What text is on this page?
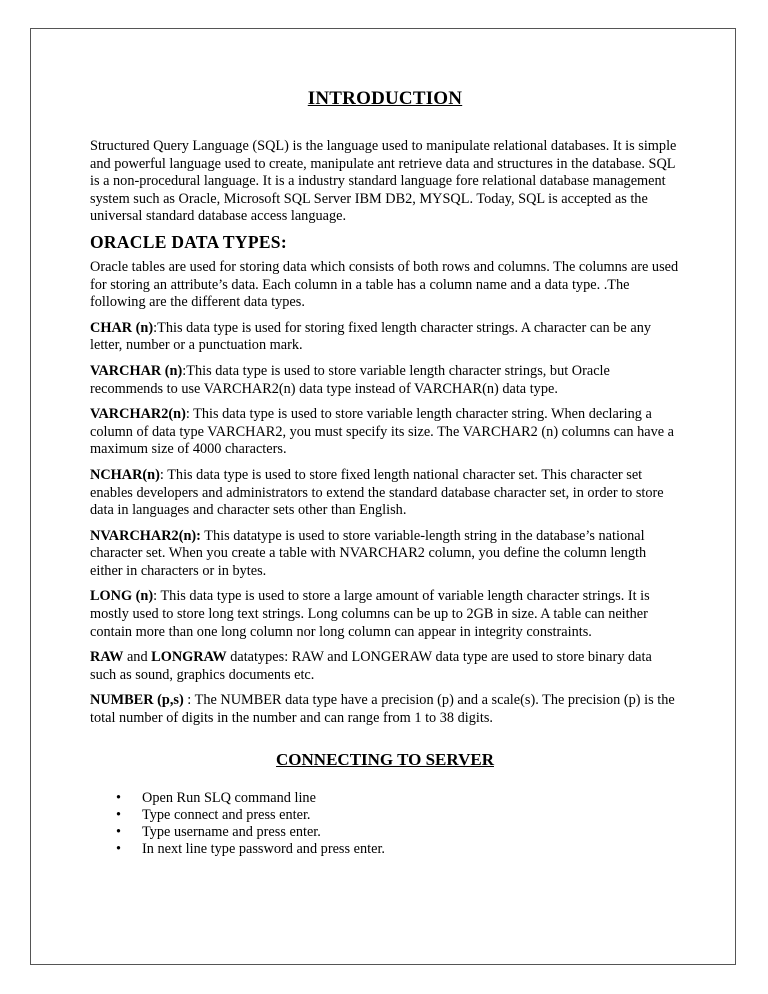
INTRODUCTION

Structured Query Language (SQL) is the language used to manipulate relational databases. It is simple and powerful language used to create, manipulate ant retrieve data and structures in the database. SQL is a non-procedural language. It is a industry standard language fore relational database management system such as Oracle, Microsoft SQL Server IBM DB2, MYSQL. Today, SQL is accepted as the universal standard database access language.

ORACLE DATA TYPES:

Oracle tables are used for storing data which consists of both rows and columns. The columns are used for storing an attribute’s data. Each column in a table has a column name and a data type. .The following are the different data types.

CHAR (n):This data type is used for storing fixed length character strings. A character can be any letter, number or a punctuation mark.

VARCHAR (n):This data type is used to store variable length character strings, but Oracle recommends to use VARCHAR2(n) data type instead of VARCHAR(n) data type.

VARCHAR2(n): This data type is used to store variable length character string. When declaring a column of data type VARCHAR2, you must specify its size. The VARCHAR2 (n) columns can have a maximum size of 4000 characters.

NCHAR(n): This data type is used to store fixed length national character set. This character set enables developers and administrators to extend the standard database character set, in order to store data in languages and character sets other than English.

NVARCHAR2(n): This datatype is used to store variable-length string in the database’s national character set. When you create a table with NVARCHAR2 column, you define the column length either in characters or in bytes.

LONG (n): This data type is used to store a large amount of variable length character strings. It is mostly used to store long text strings. Long columns can be up to 2GB in size. A table can neither contain more than one long column nor long column can appear in integrity constraints.

RAW and LONGRAW datatypes: RAW and LONGERAW data type are used to store binary data such as sound, graphics documents etc.

NUMBER (p,s) : The NUMBER data type have a precision (p) and a scale(s). The precision (p) is the total number of digits in the number and can range from 1 to 38 digits.

CONNECTING TO SERVER
• Open Run SLQ command line
• Type connect and press enter.
• Type username and press enter.
• In next line type password and press enter.
